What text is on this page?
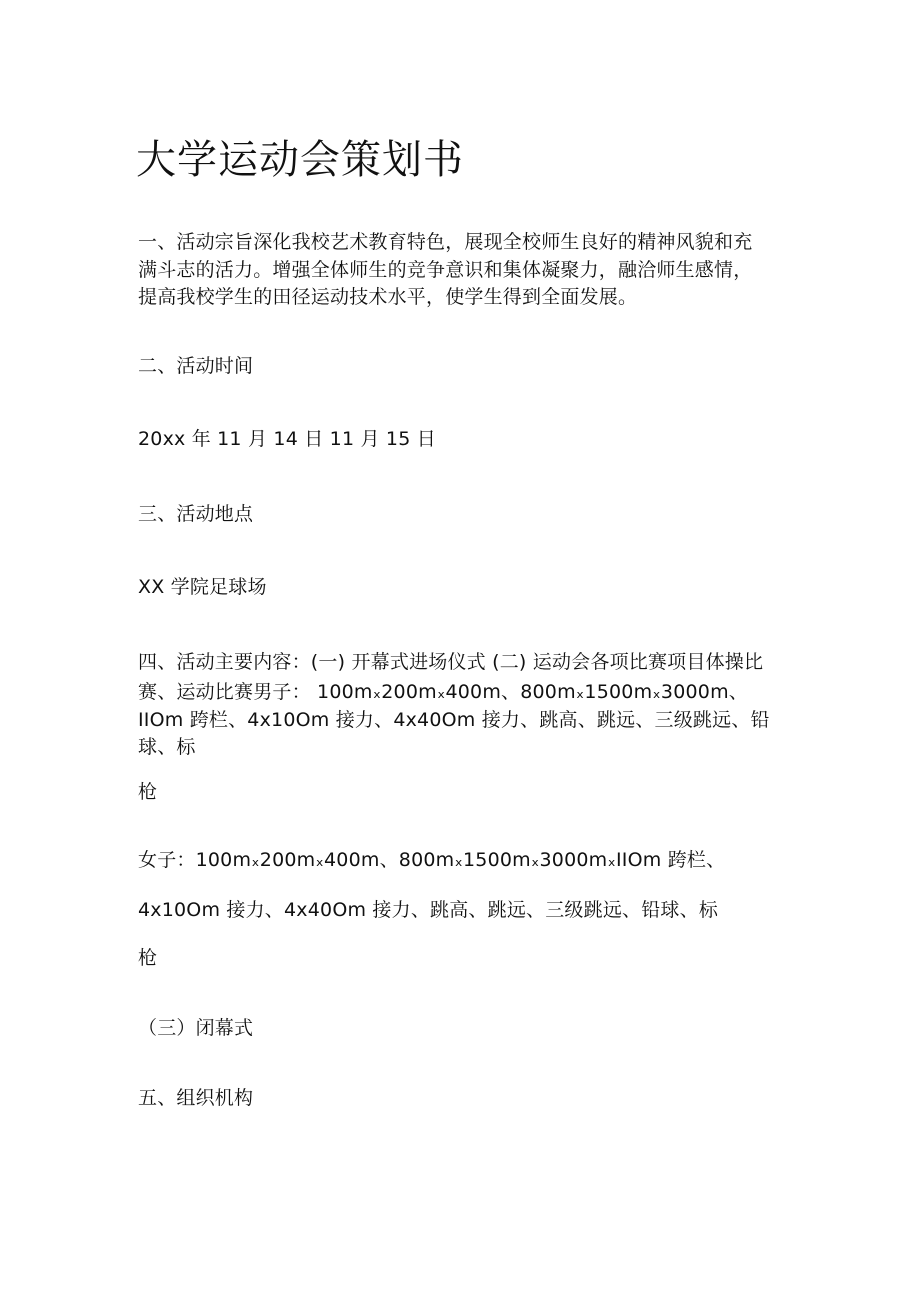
大学运动会策划书
一、活动宗旨深化我校艺术教育特色，展现全校师生良好的精神风貌和充
满斗志的活力。增强全体师生的竞争意识和集体凝聚力，融洽师生感情，
提高我校学生的田径运动技术水平，使学生得到全面发展。
二、活动时间
20xx 年 11 月 14 日 11 月 15 日
三、活动地点
XX 学院足球场
四、活动主要内容：(一) 开幕式进场仪式 (二) 运动会各项比赛项目体操比
赛、运动比赛男子： 100mₓ200mₓ400m、800mₓ1500mₓ3000m、
IIOm 跨栏、4x10Om 接力、4x40Om 接力、跳高、跳远、三级跳远、铅
球、标
枪
女子：100mₓ200mₓ400m、800mₓ1500mₓ3000mₓIIOm 跨栏、
4x10Om 接力、4x40Om 接力、跳高、跳远、三级跳远、铅球、标
枪
（三）闭幕式
五、组织机构
